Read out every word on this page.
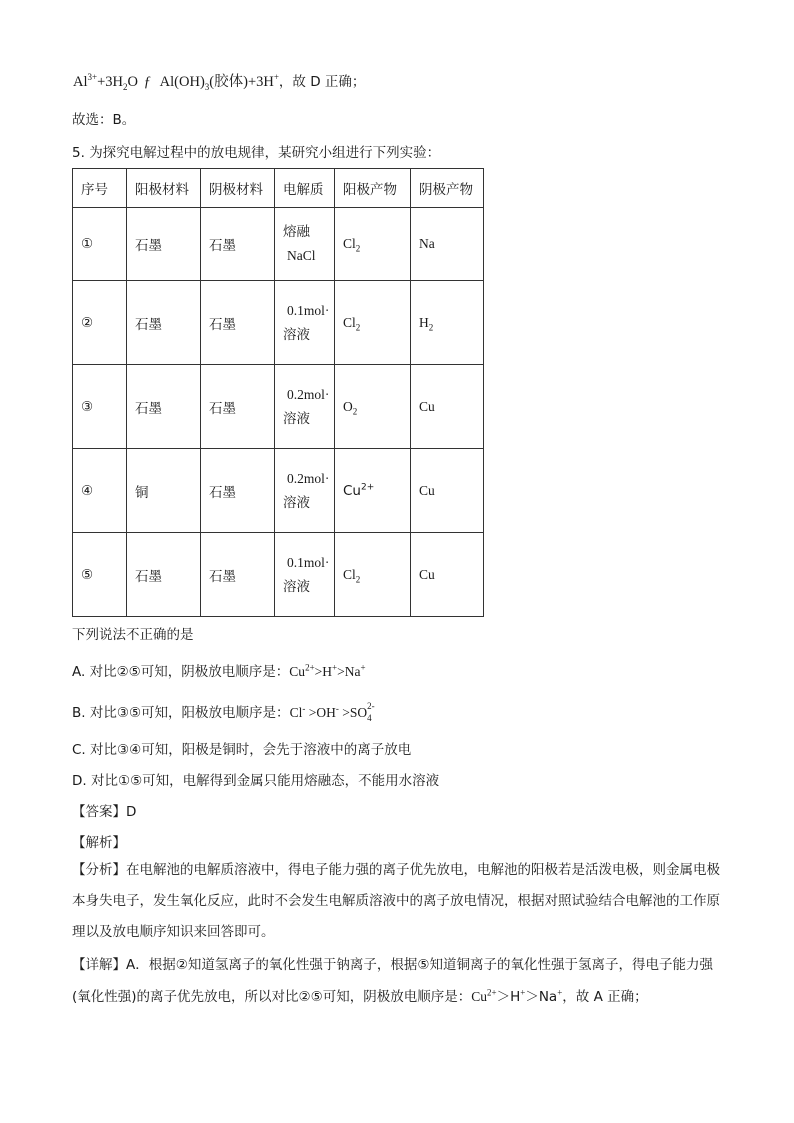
$Al^{3+}+3H_2O$ ƒ $Al(OH)_3$(胶体)+3H+，故 D 正确；
故选：B。
5. 为探究电解过程中的放电规律，某研究小组进行下列实验：
序号	阳极材料	阴极材料	电解质	阳极产物	阴极产物
①	石墨	石墨	熔融
NaCl	$Cl_2$	Na
②	石墨	石墨	0.1mol·
溶液	$Cl_2$	$H_2$
③	石墨	石墨	0.2mol·
溶液	$O_2$	Cu
④	铜	石墨	0.2mol·
溶液	$Cu^{2+}$	Cu
⑤	石墨	石墨	0.1mol·
溶液	$Cl_2$	Cu
下列说法不正确的是
A. 对比②⑤可知，阴极放电顺序是：$Cu^{2+}>H^+>Na^+$
B. 对比③⑤可知，阳极放电顺序是：Cl- >OH- >SO 2-
4
C. 对比③④可知，阳极是铜时，会先于溶液中的离子放电
D. 对比①⑤可知，电解得到金属只能用熔融态，不能用水溶液
【答案】D
【解析】
【分析】在电解池的电解质溶液中，得电子能力强的离子优先放电，电解池的阳极若是活泼电极，则金属电极本身失电子，发生氧化反应，此时不会发生电解质溶液中的离子放电情况，根据对照试验结合电解池的工作原理以及放电顺序知识来回答即可。
【详解】A．根据②知道氢离子的氧化性强于钠离子，根据⑤知道铜离子的氧化性强于氢离子，得电子能力强(氧化性强)的离子优先放电，所以对比②⑤可知，阴极放电顺序是：$Cu^{2+}>H^+>Na^+$，故 A 正确；
